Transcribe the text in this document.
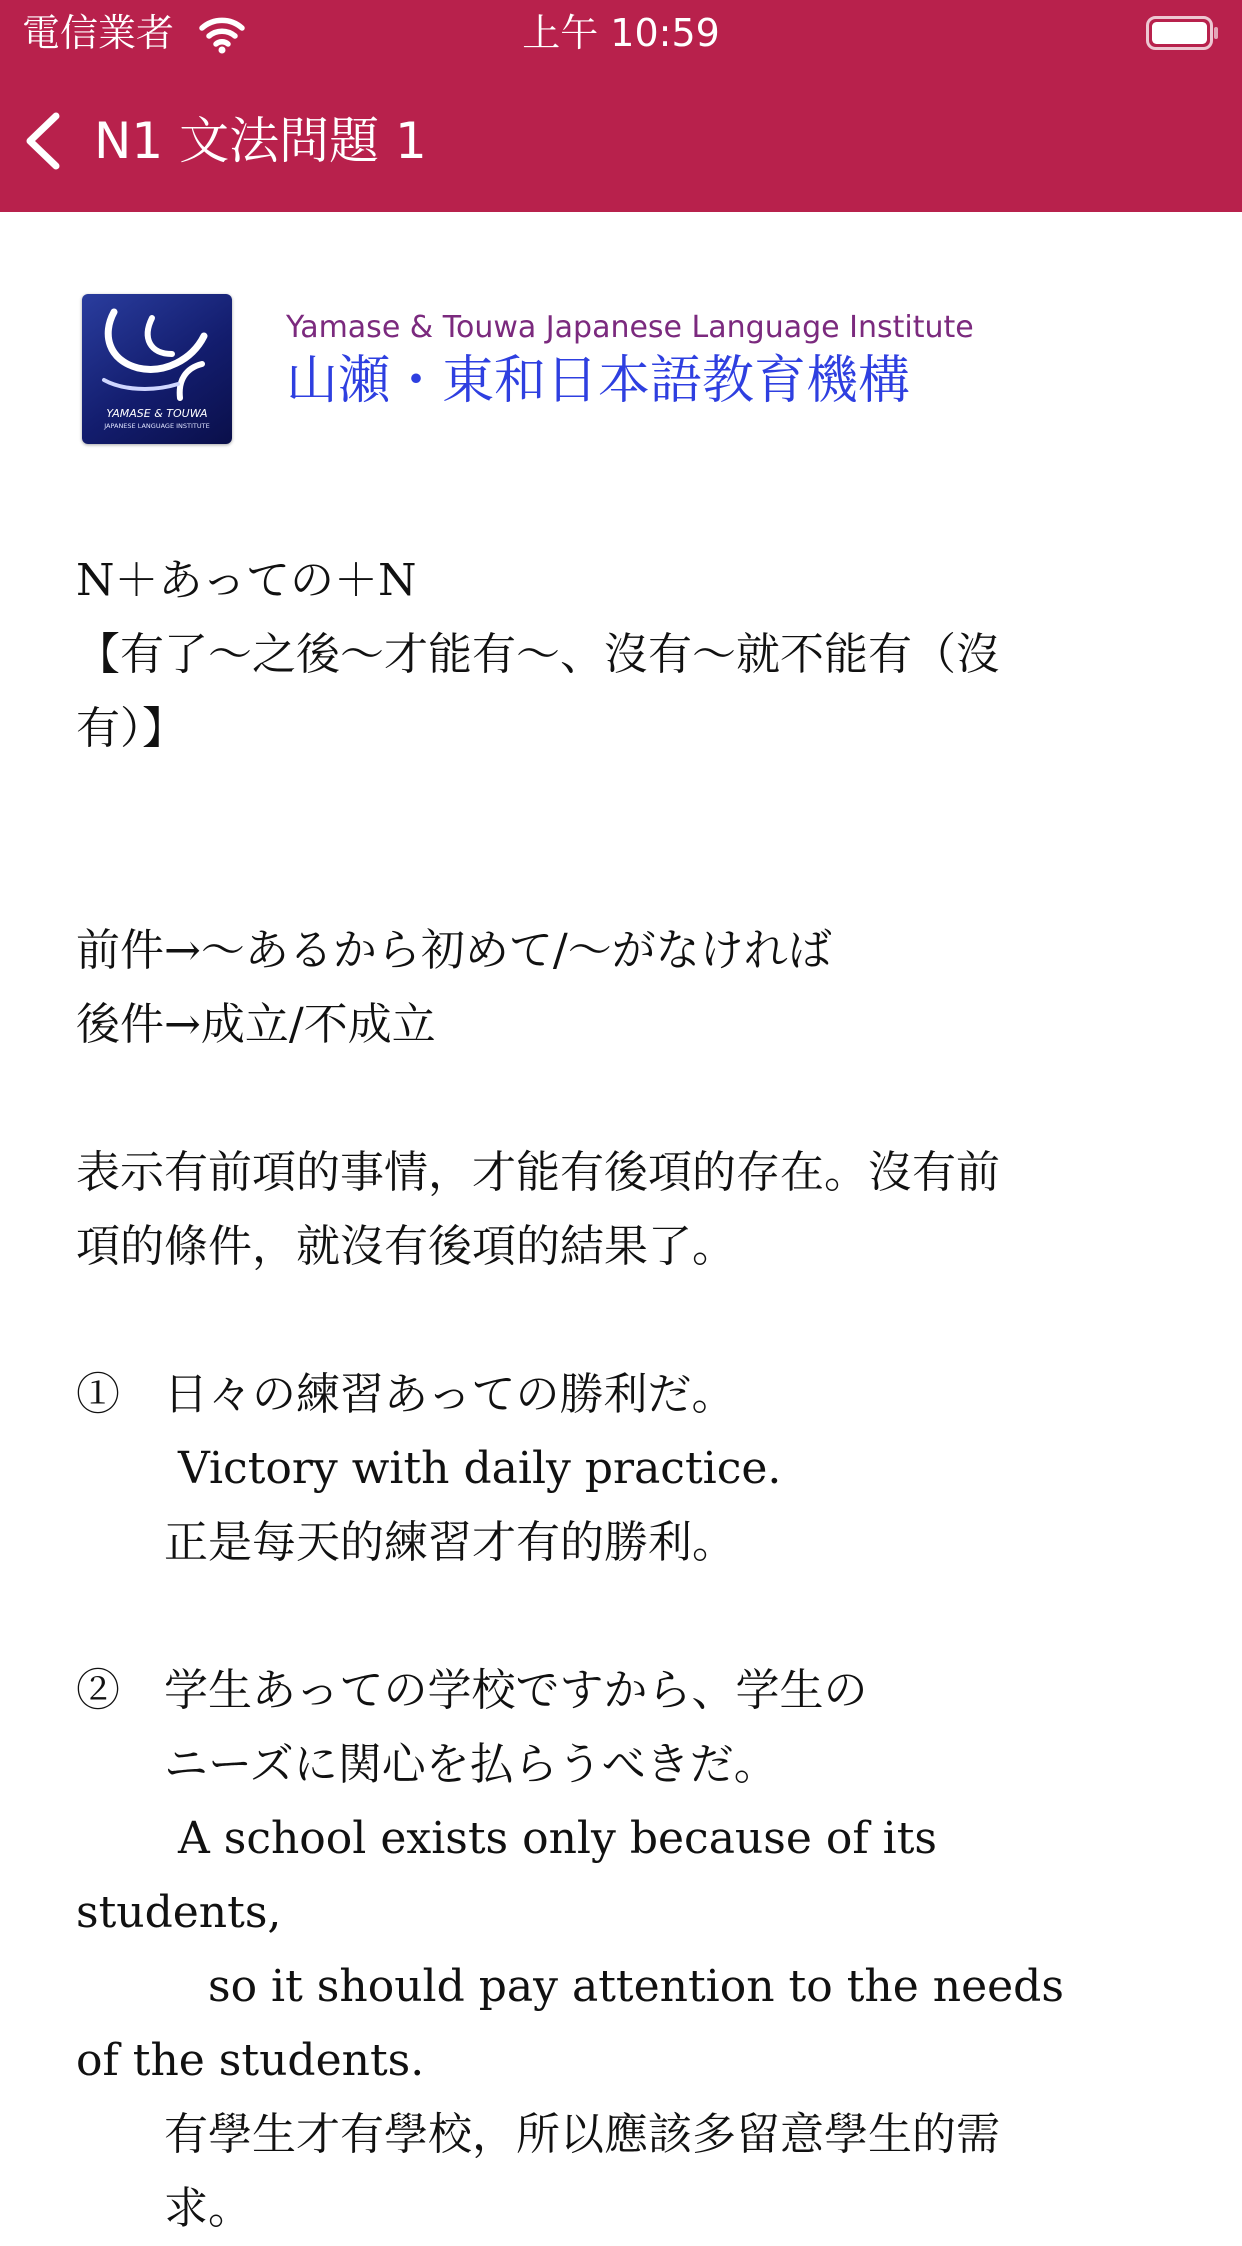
電信業者	上午 10:59
N1 文法問題 1
YAMASE & TOUWA
JAPANESE LANGUAGE INSTITUTE
Yamase & Touwa Japanese Language Institute
山瀬・東和日本語教育機構

N＋あっての＋N

【有了～之後～才能有～、沒有～就不能有（沒

有）】

前件→～あるから初めて/～がなければ

後件→成立/不成立

表示有前項的事情，才能有後項的存在。沒有前

項的條件，就沒有後項的結果了。

①　日々の練習あっての勝利だ。

　　 Victory with daily practice.

　　正是每天的練習才有的勝利。

②　学生あっての学校ですから、学生の

　　ニーズに関心を払らうべきだ。

　　 A school exists only because of its

students,

　　　so it should pay attention to the needs

of the students.

　　有學生才有學校，所以應該多留意學生的需

　　求。
